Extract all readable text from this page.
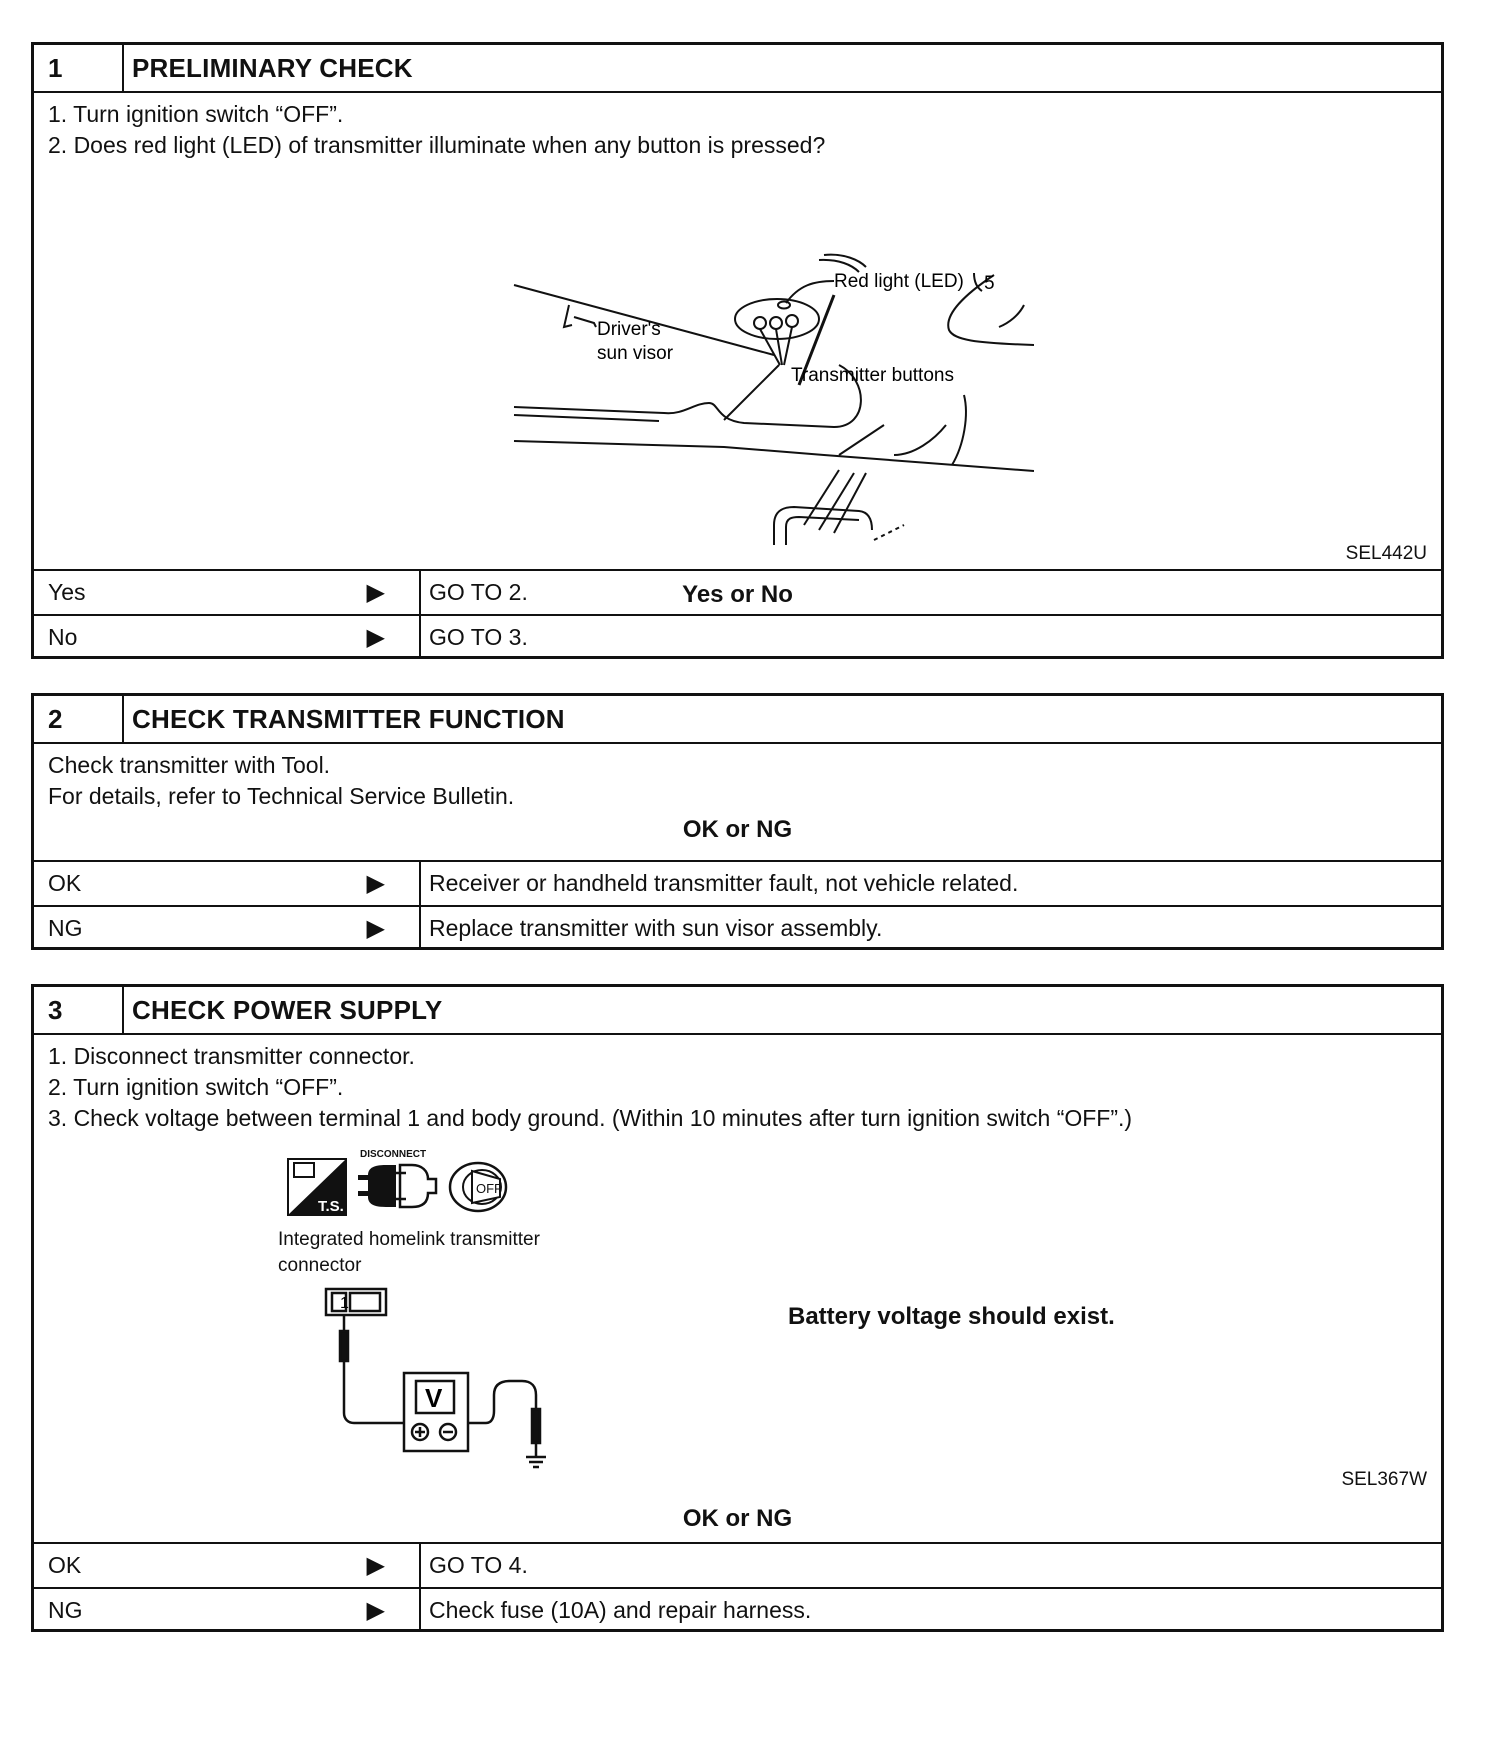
1	PRELIMINARY CHECK
1. Turn ignition switch “OFF”.
2. Does red light (LED) of transmitter illuminate when any button is pressed?
Red light (LED) 5
Driver's
sun visor
Transmitter buttons
SEL442U
Yes or No
Yes	▶	GO TO 2.
No	▶	GO TO 3.
2	CHECK TRANSMITTER FUNCTION
Check transmitter with Tool.
For details, refer to Technical Service Bulletin.
OK or NG
OK	▶	Receiver or handheld transmitter fault, not vehicle related.
NG	▶	Replace transmitter with sun visor assembly.
3	CHECK POWER SUPPLY
1. Disconnect transmitter connector.
2. Turn ignition switch “OFF”.
3. Check voltage between terminal 1 and body ground. (Within 10 minutes after turn ignition switch “OFF”.)
T.S.
DISCONNECT
OFF
Integrated homelink transmitter
connector
1
V
Battery voltage should exist.
SEL367W
OK or NG
OK	▶	GO TO 4.
NG	▶	Check fuse (10A) and repair harness.
